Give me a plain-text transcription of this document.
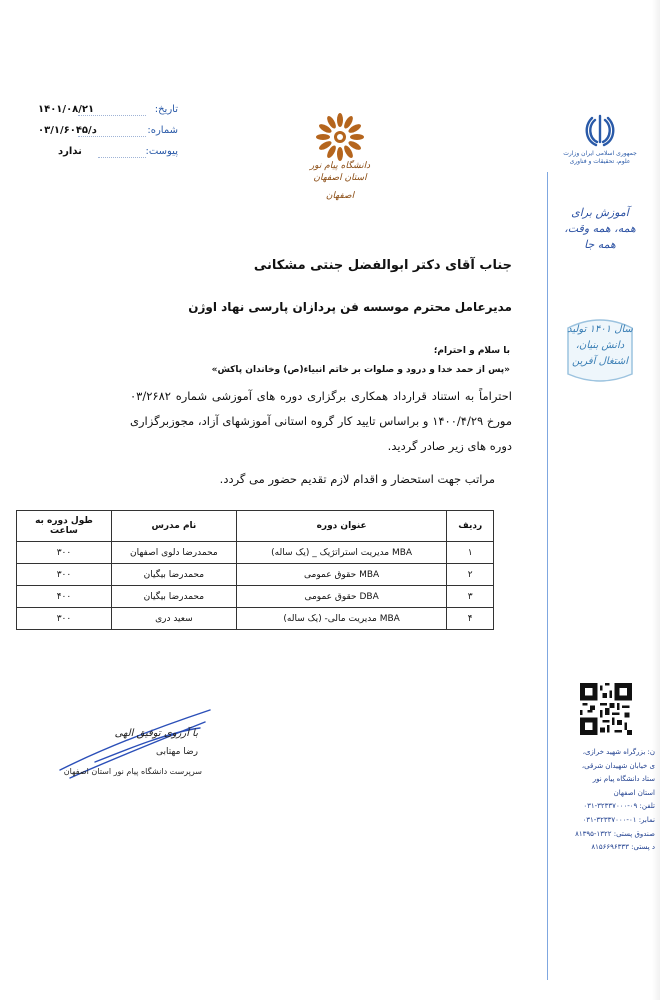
تاریخ:
۱۴۰۱/۰۸/۲۱
شماره:
۰۳/۱/د/۶۰۴۵
پیوست:
ندارد
دانشگاه پیام نور استان اصفهان
اصفهان
جمهوری اسلامی ایران وزارت علوم، تحقیقات و فناوری
آموزش برای همه، همه وقت، همه جا
سال ۱۴۰۱ تولید دانش بنیان، اشتغال آفرین
جناب آقای دکتر ابوالفضل جنتی مشکانی
مدیرعامل محترم موسسه فن پردازان پارسی نهاد اوژن
با سلام و احترام؛
«پس از حمد خدا و درود و صلوات بر خاتم انبیاء(ص) وخاندان پاکش»
احتراماً به استناد قرارداد همکاری برگزاری دوره های آموزشی شماره ۰۳/۲۶۸۲ مورخ ۱۴۰۰/۴/۲۹ و براساس تایید کار گروه استانی آموزشهای آزاد، مجوزبرگزاری دوره های زیر صادر گردید.
مراتب جهت استحضار و اقدام لازم تقدیم حضور می گردد.
ردیف	عنوان دوره	نام مدرس	طول دوره به ساعت
۱	MBA مدیریت استراتژیک _ (یک ساله)	محمدرضا دلوی اصفهان	۳۰۰
۲	MBA حقوق عمومی	محمدرضا بیگیان	۳۰۰
۳	DBA حقوق عمومی	محمدرضا بیگیان	۴۰۰
۴	MBA مدیریت مالی- (یک ساله)	سعید دری	۳۰۰
با آرزوی توفیق الهی
رضا مهتابی
سرپرست دانشگاه پیام نور استان اصفهان
ن: بزرگراه شهید خرازی،
ی خیابان شهیدان شرقی،
ستاد دانشگاه پیام نور
استان اصفهان
تلفن: ۰۹-۳۲۳۳۷۰۰۰-۰۳۱
نمابر: ۰۱-۳۲۳۳۷۰۰۰-۰۳۱
صندوق پستی: ۱۳۲۲-۸۱۳۹۵
د پستی: ۸۱۵۶۶۹۶۳۳۳
